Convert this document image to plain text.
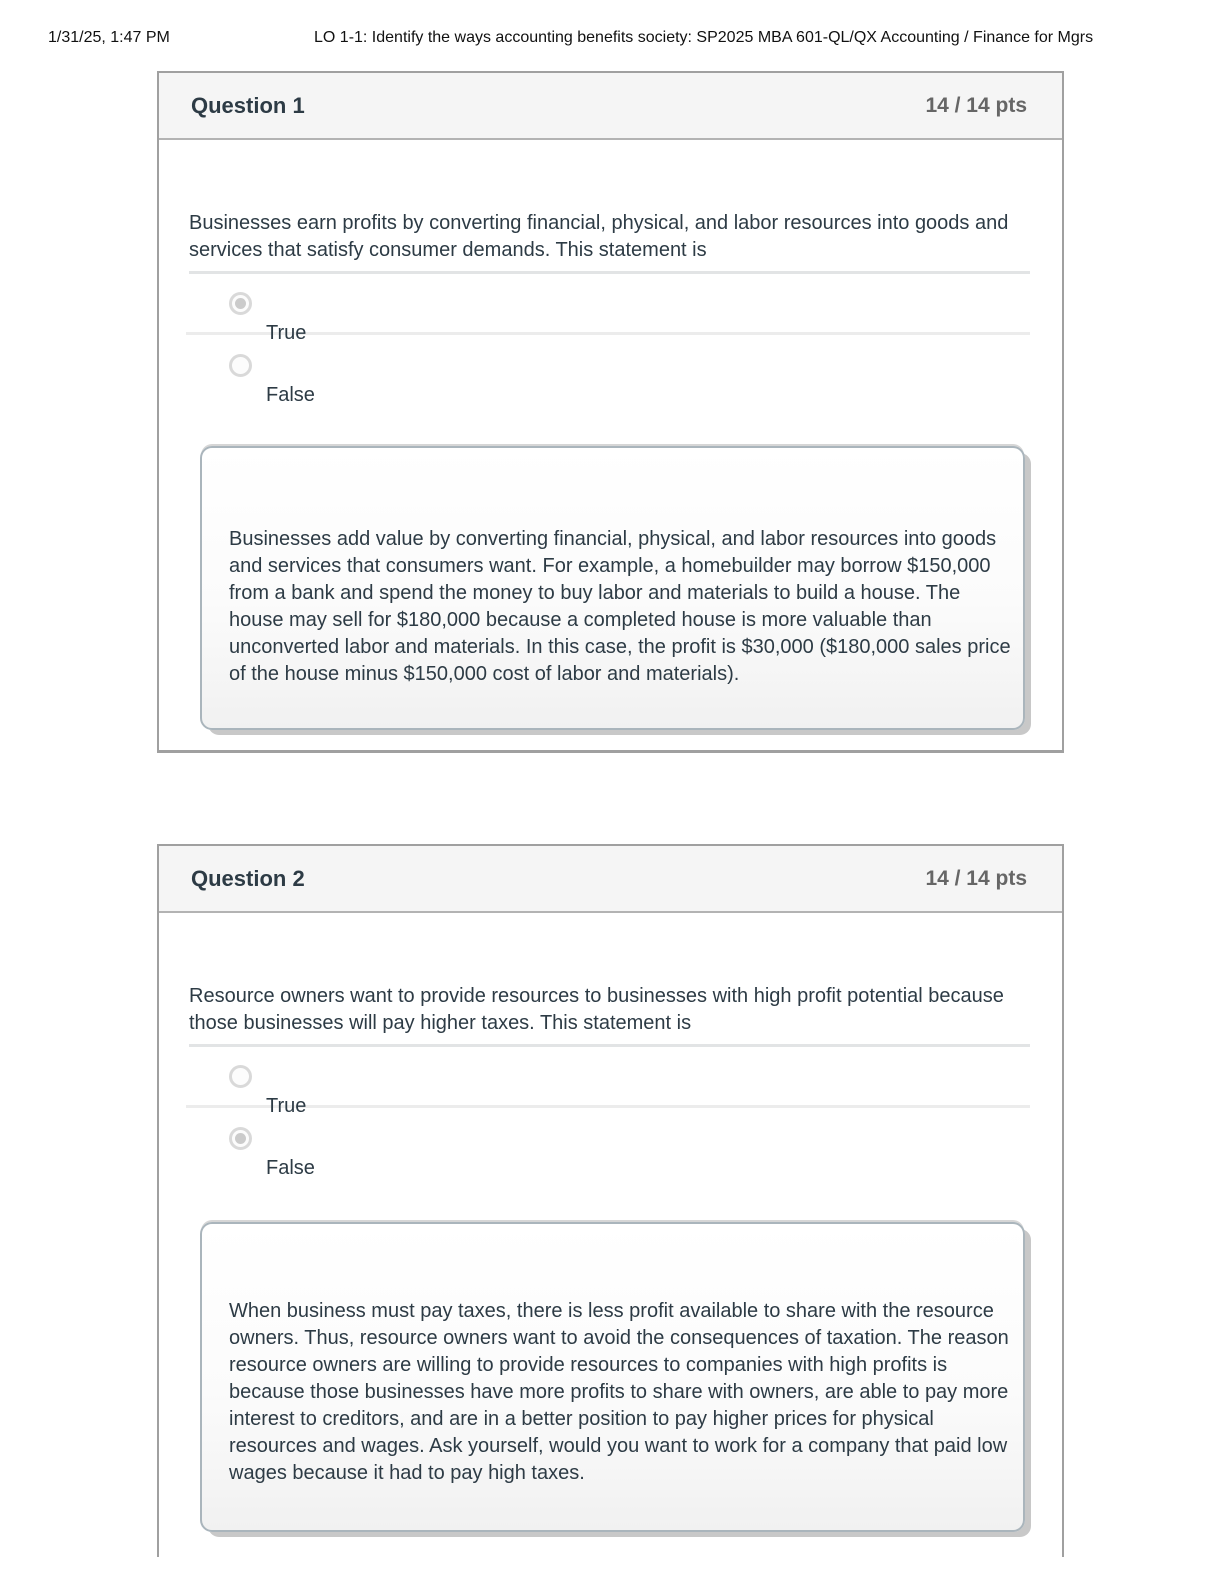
1/31/25, 1:47 PM	LO 1-1: Identify the ways accounting benefits society: SP2025 MBA 601-QL/QX Accounting / Finance for Mgrs
Question 1	14 / 14 pts
Businesses earn profits by converting financial, physical, and labor resources into goods and services that satisfy consumer demands. This statement is
True
False
Businesses add value by converting financial, physical, and labor resources into goods and services that consumers want. For example, a homebuilder may borrow $150,000 from a bank and spend the money to buy labor and materials to build a house. The house may sell for $180,000 because a completed house is more valuable than unconverted labor and materials. In this case, the profit is $30,000 ($180,000 sales price of the house minus $150,000 cost of labor and materials).
Question 2	14 / 14 pts
Resource owners want to provide resources to businesses with high profit potential because those businesses will pay higher taxes. This statement is
True
False
When business must pay taxes, there is less profit available to share with the resource owners. Thus, resource owners want to avoid the consequences of taxation. The reason resource owners are willing to provide resources to companies with high profits is because those businesses have more profits to share with owners, are able to pay more interest to creditors, and are in a better position to pay higher prices for physical resources and wages. Ask yourself, would you want to work for a company that paid low wages because it had to pay high taxes.
